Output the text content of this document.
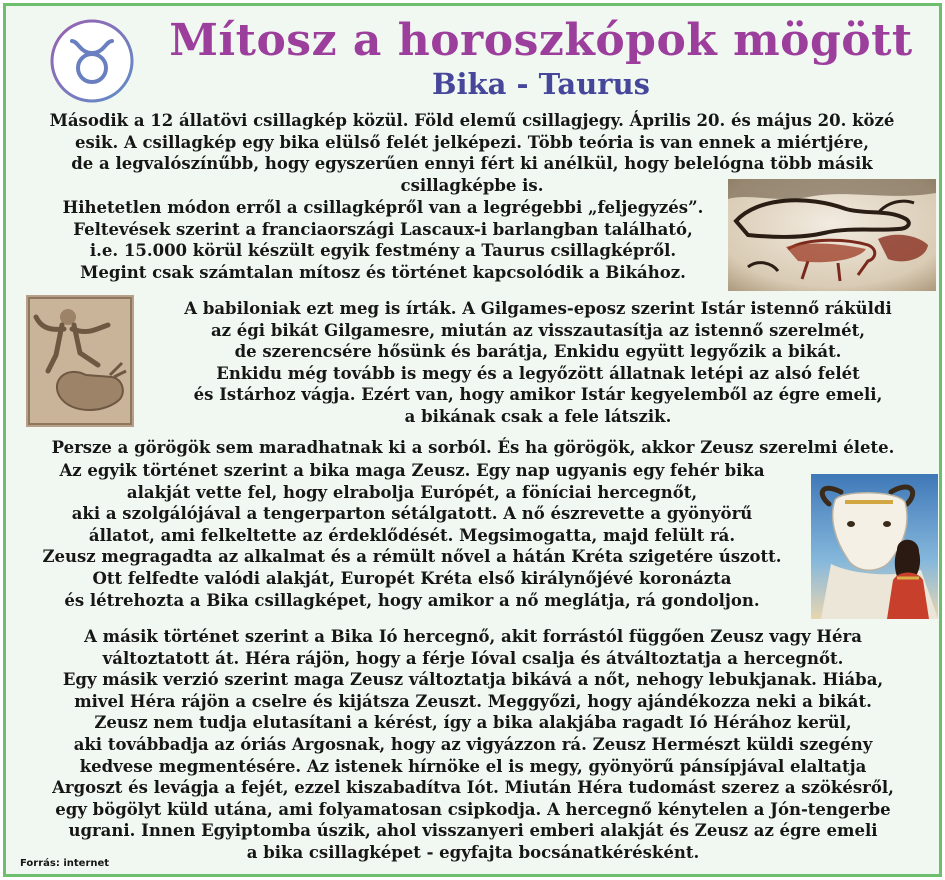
Mítosz a horoszkópok mögött
Bika - Taurus
Második a 12 állatövi csillagkép közül. Föld elemű csillagjegy. Április 20. és május 20. közé
esik. A csillagkép egy bika elülső felét jelképezi. Több teória is van ennek a miértjére,
de a legvalószínűbb, hogy egyszerűen ennyi fért ki anélkül, hogy belelógna több másik
csillagképbe is.
Hihetetlen módon erről a csillagképről van a legrégebbi „feljegyzés”.
Feltevések szerint a franciaországi Lascaux-i barlangban található,
i.e. 15.000 körül készült egyik festmény a Taurus csillagképről.
Megint csak számtalan mítosz és történet kapcsolódik a Bikához.
A babiloniak ezt meg is írták. A Gilgames-eposz szerint Istár istennő ráküldi
az égi bikát Gilgamesre, miután az visszautasítja az istennő szerelmét,
de szerencsére hősünk és barátja, Enkidu együtt legyőzik a bikát.
Enkidu még tovább is megy és a legyőzött állatnak letépi az alsó felét
és Istárhoz vágja. Ezért van, hogy amikor Istár kegyelemből az égre emeli,
a bikának csak a fele látszik.
Persze a görögök sem maradhatnak ki a sorból. És ha görögök, akkor Zeusz szerelmi élete.
Az egyik történet szerint a bika maga Zeusz. Egy nap ugyanis egy fehér bika
alakját vette fel, hogy elrabolja Európét, a föníciai hercegnőt,
aki a szolgálójával a tengerparton sétálgatott. A nő észrevette a gyönyörű
állatot, ami felkeltette az érdeklődését. Megsimogatta, majd felült rá.
Zeusz megragadta az alkalmat és a rémült nővel a hátán Kréta szigetére úszott.
Ott felfedte valódi alakját, Europét Kréta első királynőjévé koronázta
és létrehozta a Bika csillagképet, hogy amikor a nő meglátja, rá gondoljon.
A másik történet szerint a Bika Ió hercegnő, akit forrástól függően Zeusz vagy Héra
változtatott át. Héra rájön, hogy a férje Ióval csalja és átváltoztatja a hercegnőt.
Egy másik verzió szerint maga Zeusz változtatja bikává a nőt, nehogy lebukjanak. Hiába,
mivel Héra rájön a cselre és kijátsza Zeuszt. Meggyőzi, hogy ajándékozza neki a bikát.
Zeusz nem tudja elutasítani a kérést, így a bika alakjába ragadt Ió Hérához kerül,
aki továbbadja az óriás Argosnak, hogy az vigyázzon rá. Zeusz Hermészt küldi szegény
kedvese megmentésére. Az istenek hírnöke el is megy, gyönyörű pánsípjával elaltatja
Argoszt és levágja a fejét, ezzel kiszabadítva Iót. Miután Héra tudomást szerez a szökésről,
egy bögölyt küld utána, ami folyamatosan csipkodja. A hercegnő kénytelen a Jón-tengerbe
ugrani. Innen Egyiptomba úszik, ahol visszanyeri emberi alakját és Zeusz az égre emeli
a bika csillagképet - egyfajta bocsánatkérésként.
Forrás: internet
